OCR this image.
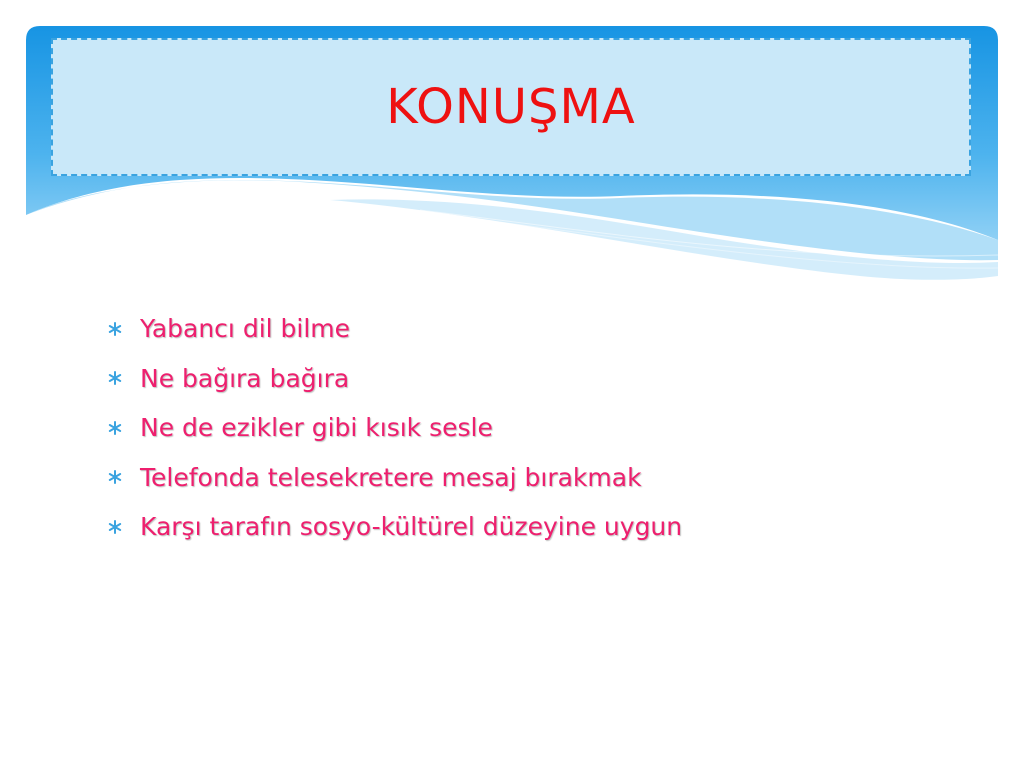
KONUŞMA
Yabancı dil bilme
Ne bağıra bağıra
Ne de ezikler gibi kısık sesle
Telefonda telesekretere mesaj bırakmak
Karşı tarafın sosyo-kültürel düzeyine uygun
